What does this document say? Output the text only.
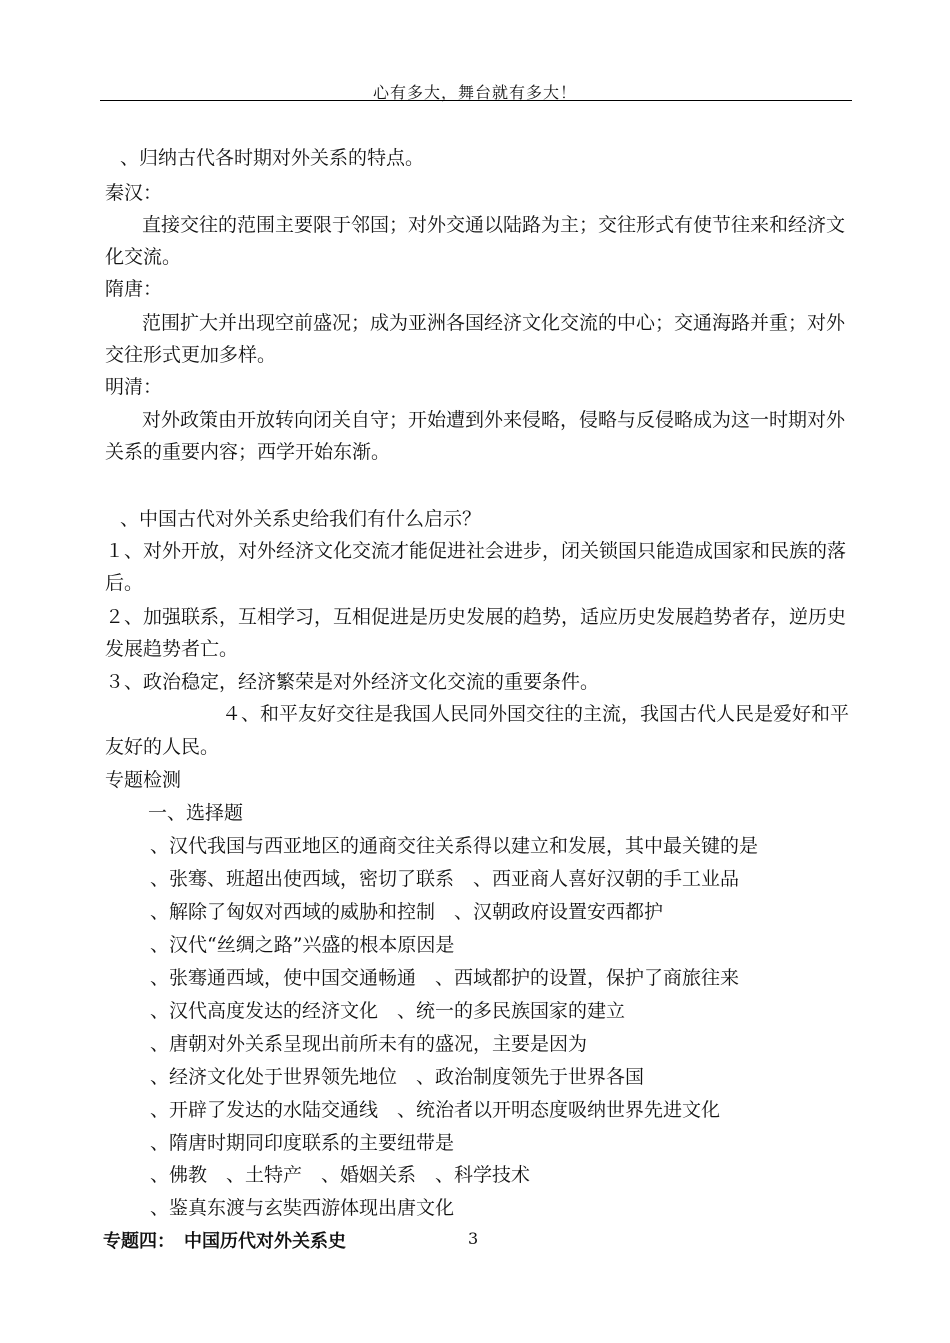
心有多大，舞台就有多大！
、归纳古代各时期对外关系的特点。
秦汉：
直接交往的范围主要限于邻国；对外交通以陆路为主；交往形式有使节往来和经济文
化交流。
隋唐：
范围扩大并出现空前盛况；成为亚洲各国经济文化交流的中心；交通海路并重；对外
交往形式更加多样。
明清：
对外政策由开放转向闭关自守；开始遭到外来侵略，侵略与反侵略成为这一时期对外
关系的重要内容；西学开始东渐。
、中国古代对外关系史给我们有什么启示？
１、对外开放，对外经济文化交流才能促进社会进步，闭关锁国只能造成国家和民族的落
后。
２、加强联系，互相学习，互相促进是历史发展的趋势，适应历史发展趋势者存，逆历史
发展趋势者亡。
３、政治稳定，经济繁荣是对外经济文化交流的重要条件。
４、和平友好交往是我国人民同外国交往的主流，我国古代人民是爱好和平
友好的人民。
专题检测
一、选择题
、汉代我国与西亚地区的通商交往关系得以建立和发展，其中最关键的是
、张骞、班超出使西域，密切了联系　、西亚商人喜好汉朝的手工业品
、解除了匈奴对西域的威胁和控制　、汉朝政府设置安西都护
、汉代“丝绸之路”兴盛的根本原因是
、张骞通西域，使中国交通畅通　、西域都护的设置，保护了商旅往来
、汉代高度发达的经济文化　、统一的多民族国家的建立
、唐朝对外关系呈现出前所未有的盛况，主要是因为
、经济文化处于世界领先地位　、政治制度领先于世界各国
、开辟了发达的水陆交通线　、统治者以开明态度吸纳世界先进文化
、隋唐时期同印度联系的主要纽带是
、佛教　、土特产　、婚姻关系　、科学技术
、鉴真东渡与玄奘西游体现出唐文化
专题四：　中国历代对外关系史	3
